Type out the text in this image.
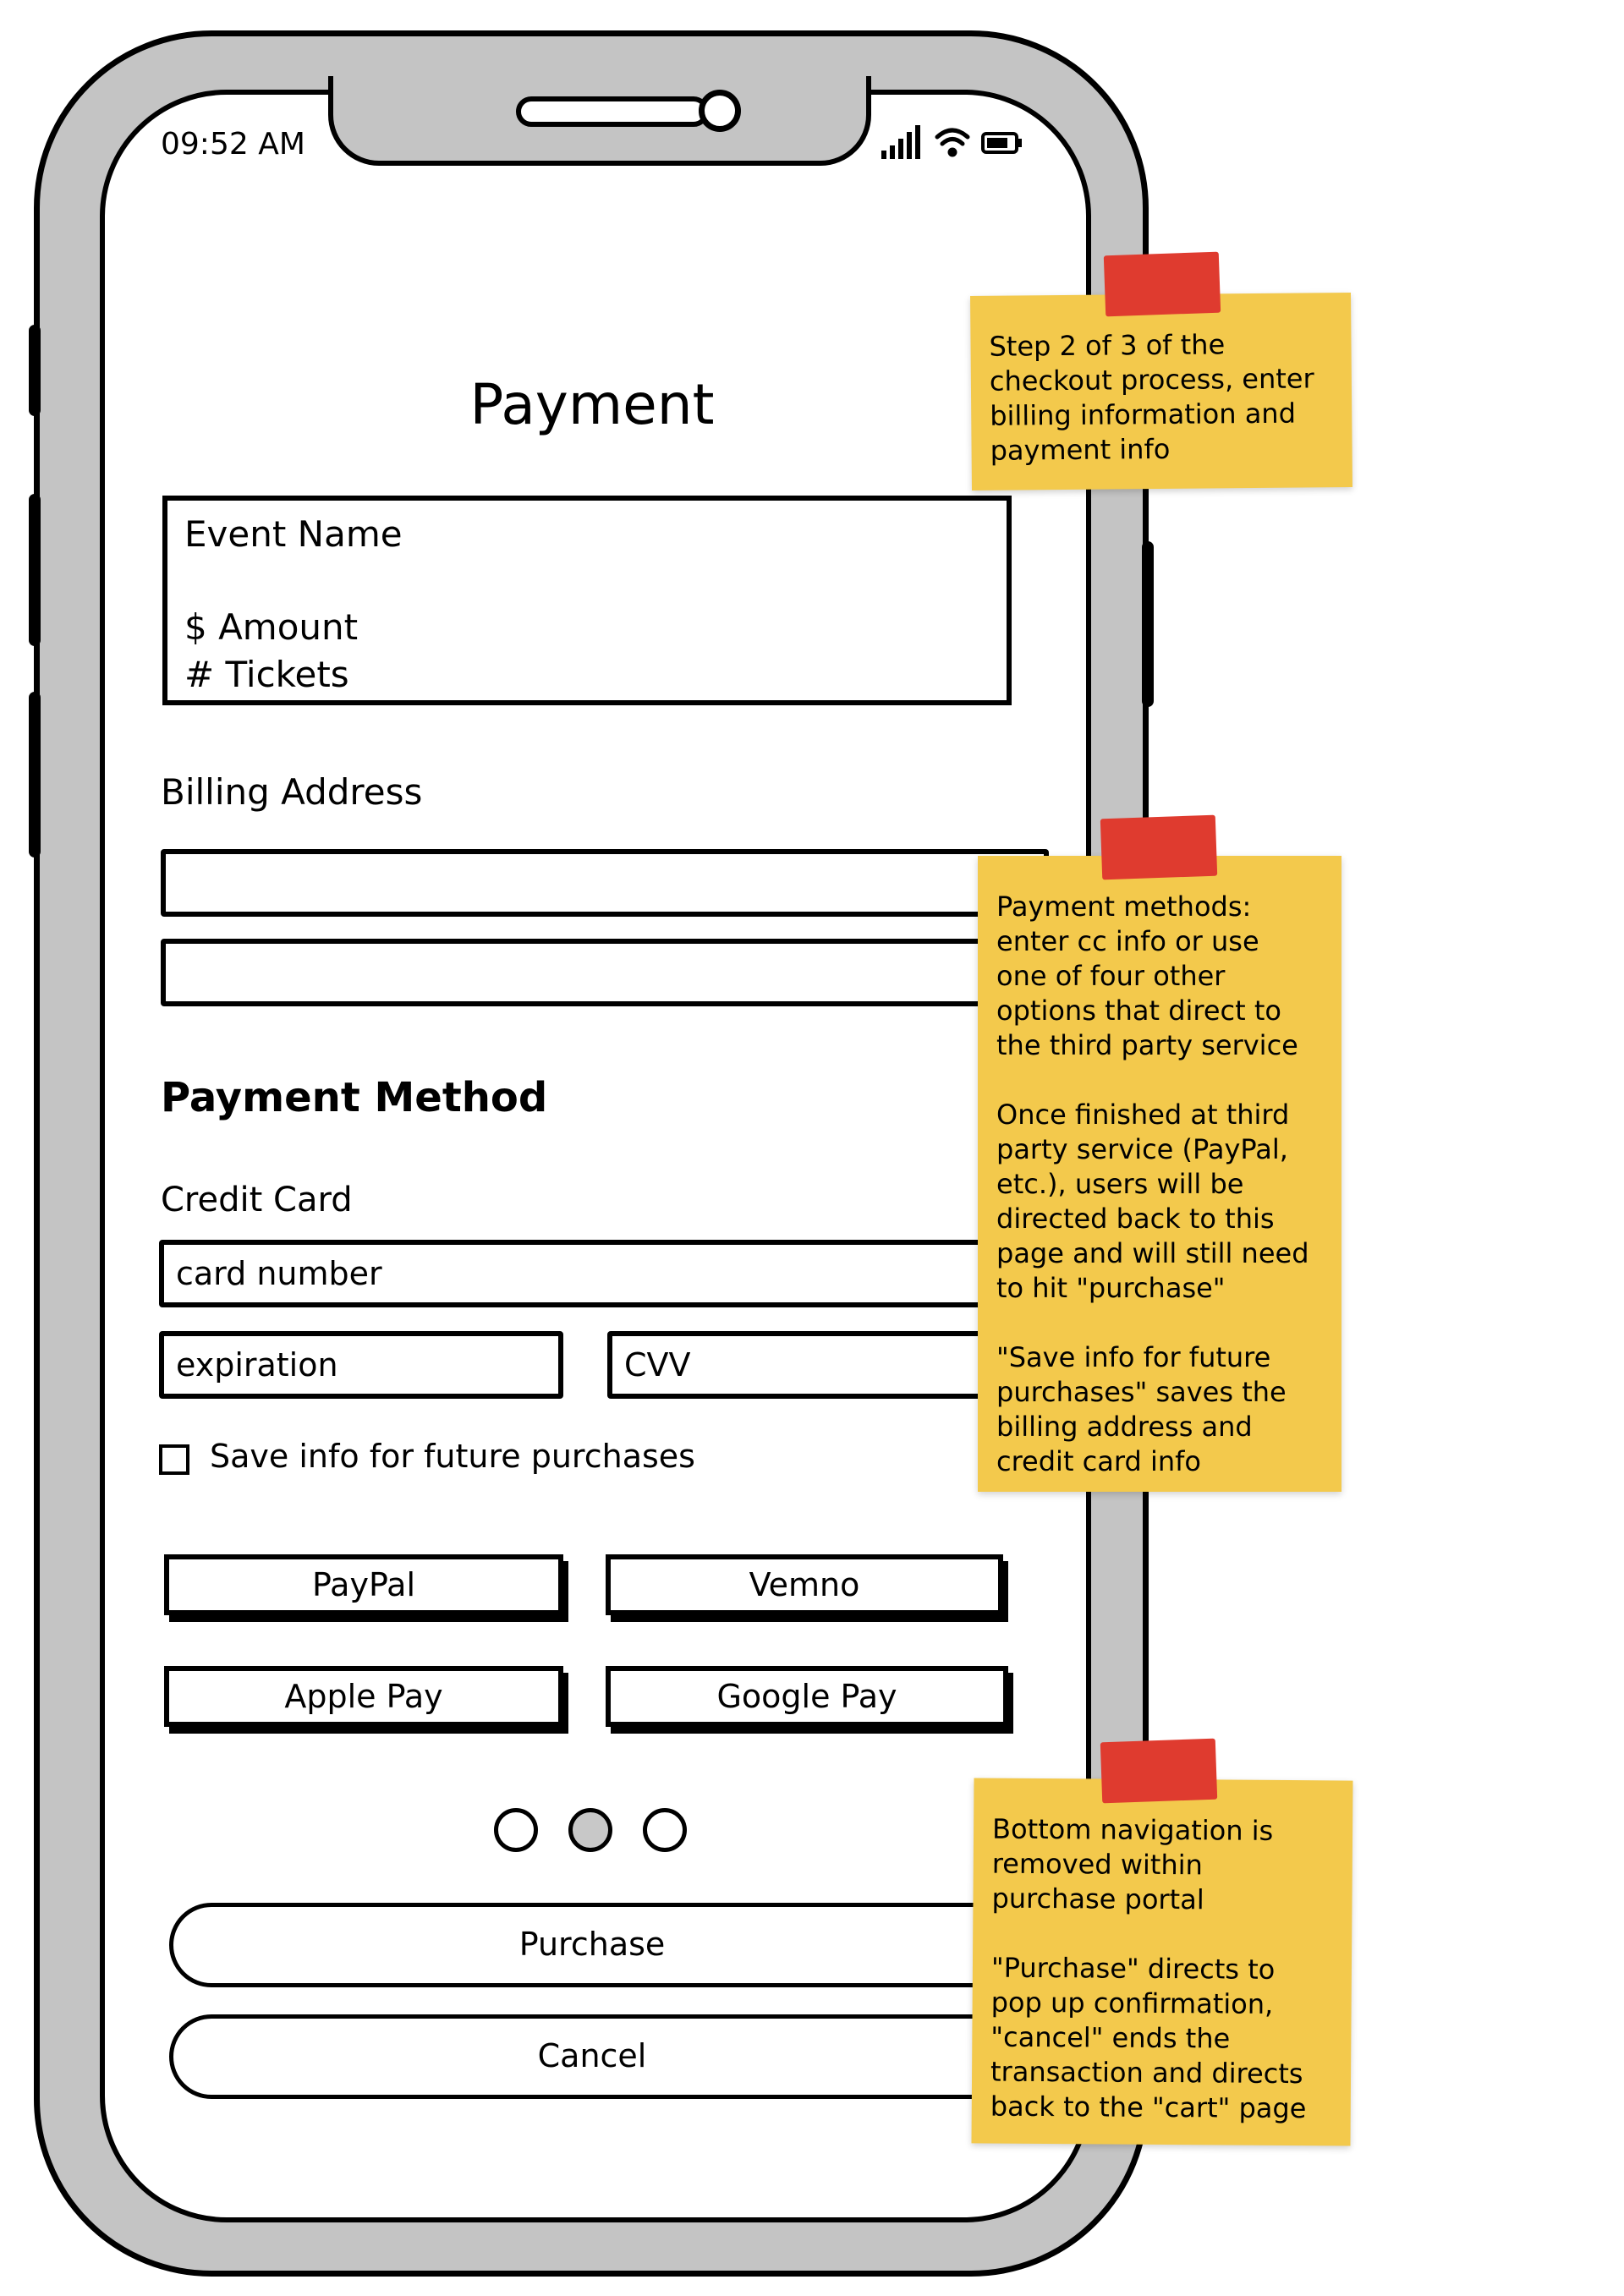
09:52 AM
Payment
Event Name
$ Amount
# Tickets
Billing Address
Payment Method
Credit Card
card number
expiration	CVV
Save info for future purchases
PayPal	Vemno
Apple Pay	Google Pay
Purchase
Cancel
Step 2 of 3 of the
checkout process, enter
billing information and
payment info
Payment methods:
enter cc info or use
one of four other
options that direct to
the third party service

Once finished at third
party service (PayPal,
etc.), users will be
directed back to this
page and will still need
to hit "purchase"

"Save info for future
purchases" saves the
billing address and
credit card info
Bottom navigation is
removed within
purchase portal

"Purchase" directs to
pop up confirmation,
"cancel" ends the
transaction and directs
back to the "cart" page
